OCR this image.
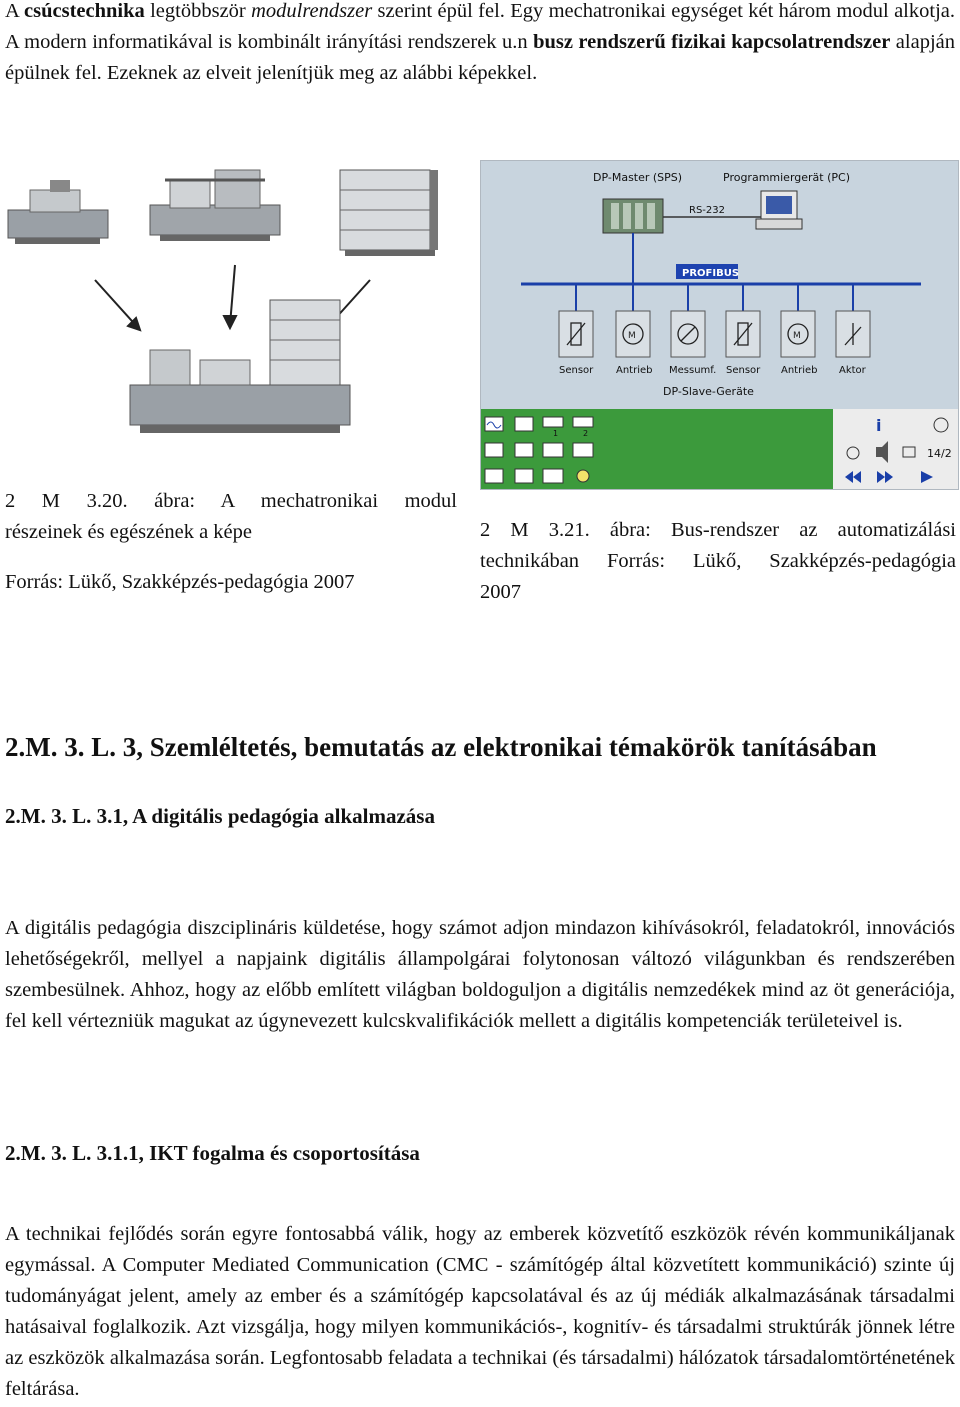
A csúcstechnika legtöbbször modulrendszer szerint épül fel. Egy mechatronikai egységet két három modul alkotja. A modern informatikával is kombinált irányítási rendszerek u.n busz rendszerű fizikai kapcsolatrendszer alapján épülnek fel. Ezeknek az elveit jelenítjük meg az alábbi képekkel.
2 M 3.20. ábra: A mechatronikai modul
részeinek és egészének a képe
Forrás: Lükő, Szakképzés-pedagógia 2007
DP-Master (SPS)	Programmiergerät (PC)
RS-232
PROFIBUS
M	M
Sensor Antrieb Messumf. Sensor Antrieb Aktor
DP-Slave-Geräte
1	2	i
14/2
2 M 3.21. ábra: Bus-rendszer az automatizálási
technikában Forrás: Lükő, Szakképzés-pedagógia
2007
2.M. 3. L. 3, Szemléltetés, bemutatás az elektronikai témakörök tanításában
2.M. 3. L. 3.1, A digitális pedagógia alkalmazása
A digitális pedagógia diszciplináris küldetése, hogy számot adjon mindazon kihívásokról, feladatokról, innovációs lehetőségekről, mellyel a napjaink digitális állampolgárai folytonosan változó világunkban és rendszerében szembesülnek. Ahhoz, hogy az előbb említett világban boldoguljon a digitális nemzedékek mind az öt generációja, fel kell vértezniük magukat az úgynevezett kulcskvalifikációk mellett a digitális kompetenciák területeivel is.
2.M. 3. L. 3.1.1, IKT fogalma és csoportosítása
A technikai fejlődés során egyre fontosabbá válik, hogy az emberek közvetítő eszközök révén kommunikáljanak egymással. A Computer Mediated Communication (CMC - számítógép által közvetített kommunikáció) szinte új tudományágat jelent, amely az ember és a számítógép kapcsolatával és az új médiák alkalmazásának társadalmi hatásaival foglalkozik. Azt vizsgálja, hogy milyen kommunikációs-, kognitív- és társadalmi struktúrák jönnek létre az eszközök alkalmazása során. Legfontosabb feladata a technikai (és társadalmi) hálózatok társadalomtörténetének feltárása.
